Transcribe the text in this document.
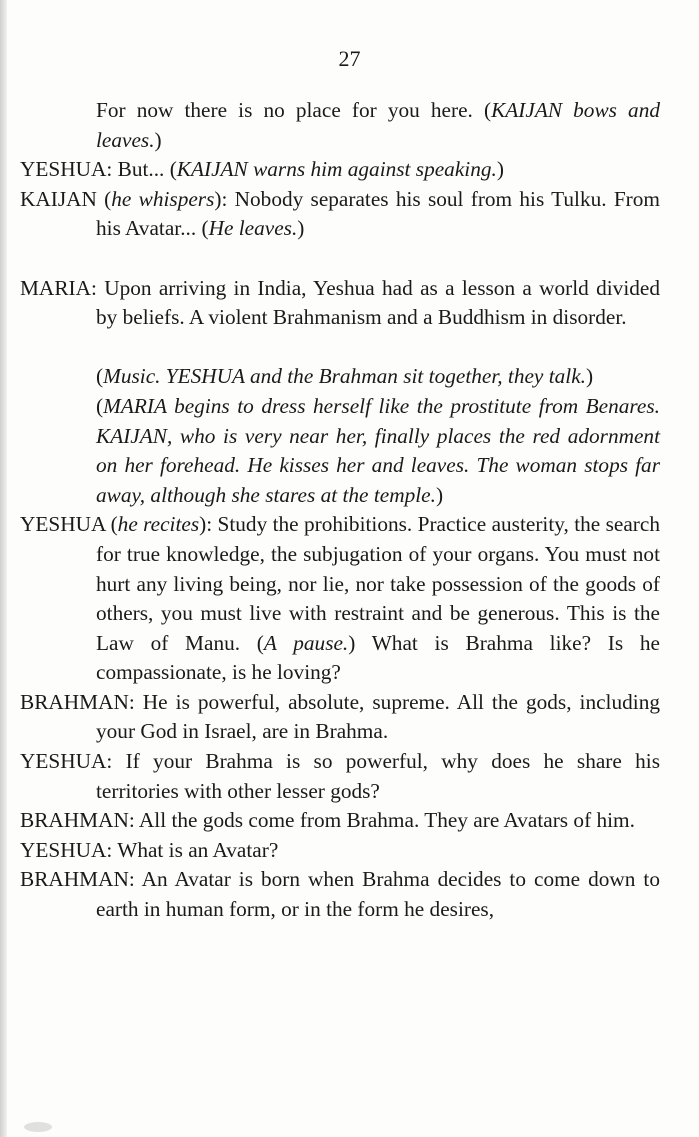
27

For now there is no place for you here. (KAIJAN bows and leaves.)

YESHUA: But... (KAIJAN warns him against speaking.)

KAIJAN (he whispers): Nobody separates his soul from his Tulku. From his Avatar... (He leaves.)

MARIA: Upon arriving in India, Yeshua had as a lesson a world divided by beliefs. A violent Brahmanism and a Buddhism in disorder.

(Music. YESHUA and the Brahman sit together, they talk.)

(MARIA begins to dress herself like the prostitute from Benares. KAIJAN, who is very near her, finally places the red adornment on her forehead. He kisses her and leaves. The woman stops far away, although she stares at the temple.)

YESHUA (he recites): Study the prohibitions. Practice austerity, the search for true knowledge, the subjugation of your organs. You must not hurt any living being, nor lie, nor take possession of the goods of others, you must live with restraint and be generous. This is the Law of Manu. (A pause.) What is Brahma like? Is he compassionate, is he loving?

BRAHMAN: He is powerful, absolute, supreme. All the gods, including your God in Israel, are in Brahma.

YESHUA: If your Brahma is so powerful, why does he share his territories with other lesser gods?

BRAHMAN: All the gods come from Brahma. They are Avatars of him.

YESHUA: What is an Avatar?

BRAHMAN: An Avatar is born when Brahma decides to come down to earth in human form, or in the form he desires,
